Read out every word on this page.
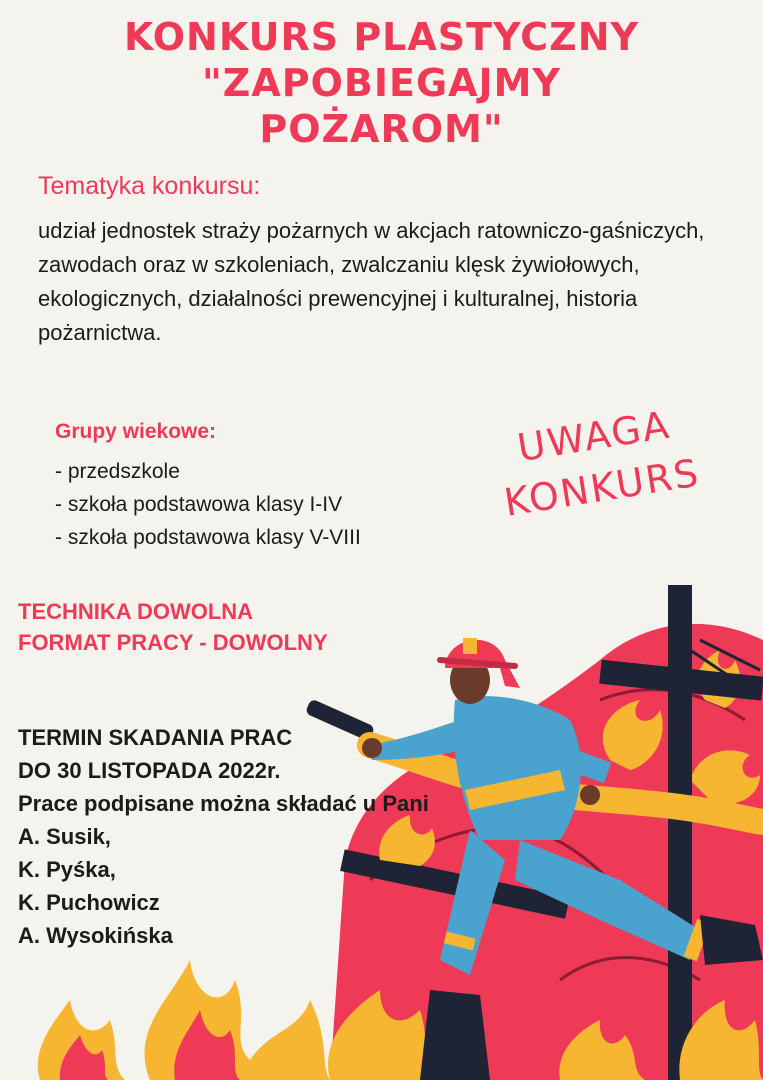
KONKURS PLASTYCZNY
"ZAPOBIEGAJMY
POŻAROM"
Tematyka konkursu:

udział jednostek straży pożarnych w akcjach ratowniczo-gaśniczych, zawodach oraz w szkoleniach, zwalczaniu klęsk żywiołowych, ekologicznych, działalności prewencyjnej i kulturalnej, historia pożarnictwa.

Grupy wiekowe:
- przedszkole
- szkoła podstawowa klasy I-IV
- szkoła podstawowa klasy V-VIII
UWAGA
KONKURS
TECHNIKA DOWOLNA
FORMAT PRACY - DOWOLNY
TERMIN SKADANIA PRAC
DO 30 LISTOPADA 2022r.
Prace podpisane można składać u Pani
A. Susik,
K. Pyśka,
K. Puchowicz
A. Wysokińska
